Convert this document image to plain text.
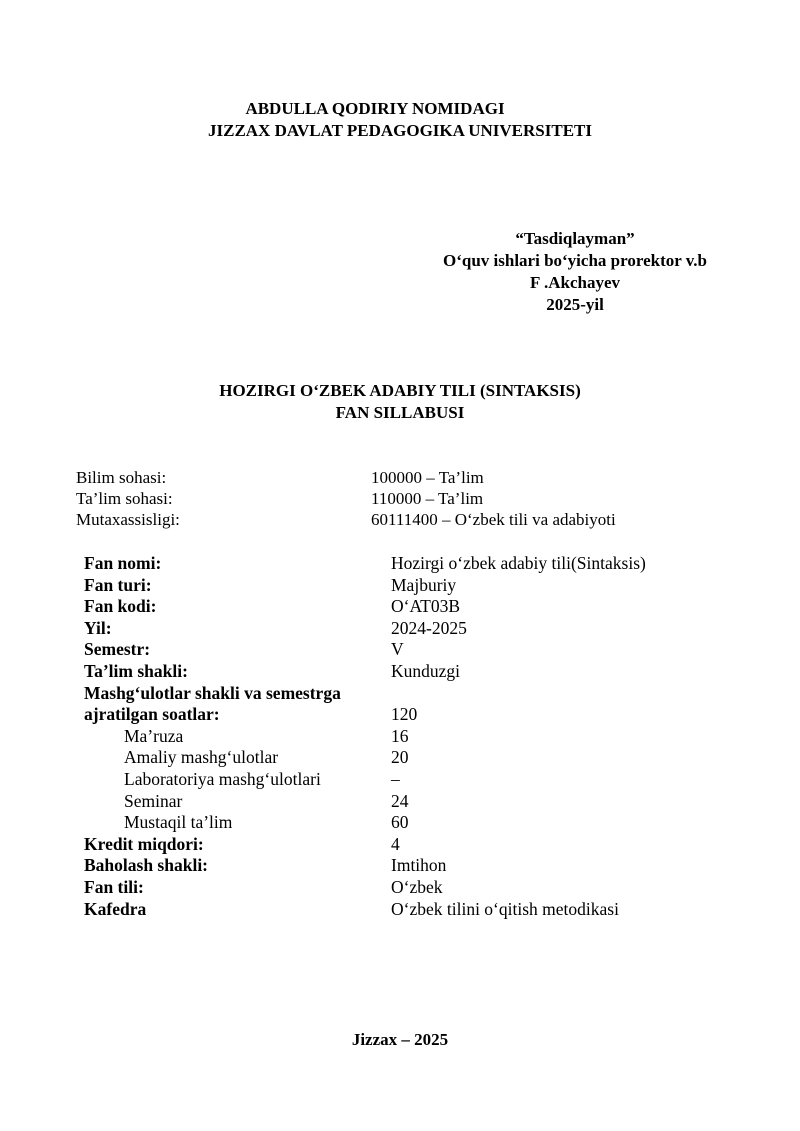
ABDULLA QODIRIY NOMIDAGI
JIZZAX DAVLAT PEDAGOGIKA UNIVERSITETI
“Tasdiqlayman”
O‘quv ishlari bo‘yicha prorektor v.b
F .Akchayev
2025-yil
HOZIRGI O‘ZBEK ADABIY TILI (SINTAKSIS)
FAN SILLABUSI
Bilim sohasi:	100000 – Ta’lim
Ta’lim sohasi:	110000 – Ta’lim
Mutaxassisligi:	60111400 – O‘zbek tili va adabiyoti
Fan nomi:	Hozirgi o‘zbek adabiy tili(Sintaksis)
Fan turi:	Majburiy
Fan kodi:	O‘AT03B
Yil:	2024-2025
Semestr:	V
Ta’lim shakli:	Kunduzgi
Mashg‘ulotlar shakli va semestrga
ajratilgan soatlar:	120
Ma’ruza	16
Amaliy mashg‘ulotlar	20
Laboratoriya mashg‘ulotlari	–
Seminar	24
Mustaqil ta’lim	60
Kredit miqdori:	4
Baholash shakli:	Imtihon
Fan tili:	O‘zbek
Kafedra	O‘zbek tilini o‘qitish metodikasi
Jizzax – 2025
